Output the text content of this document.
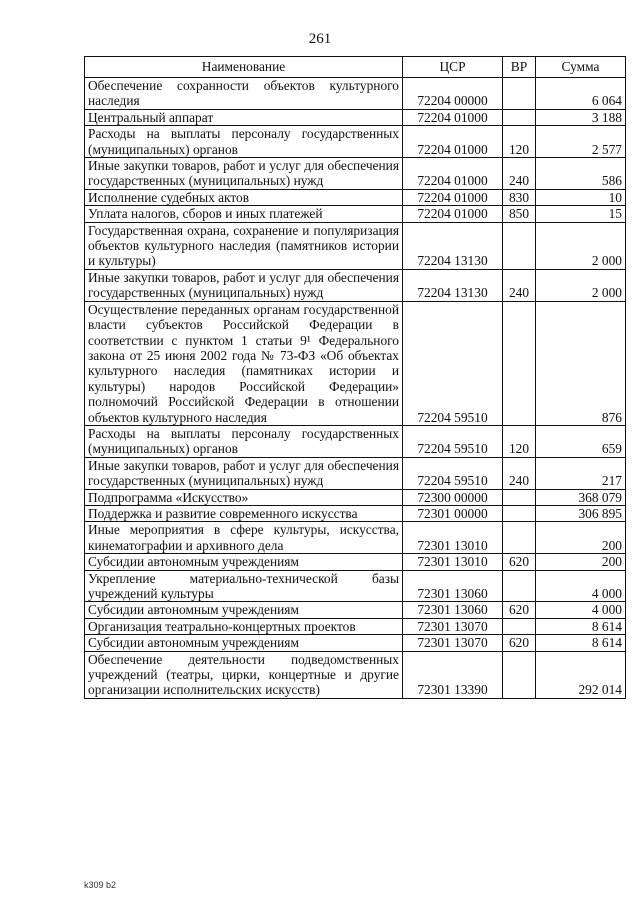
261
Наименование	ЦСР	ВР	Сумма
Обеспечение сохранности объектов культурного наследия	72204 00000		6 064
Центральный аппарат	72204 01000		3 188
Расходы на выплаты персоналу государственных (муниципальных) органов	72204 01000	120	2 577
Иные закупки товаров, работ и услуг для обеспечения государственных (муниципальных) нужд	72204 01000	240	586
Исполнение судебных актов	72204 01000	830	10
Уплата налогов, сборов и иных платежей	72204 01000	850	15
Государственная охрана, сохранение и популяризация объектов культурного наследия (памятников истории и культуры)	72204 13130		2 000
Иные закупки товаров, работ и услуг для обеспечения государственных (муниципальных) нужд	72204 13130	240	2 000
Осуществление переданных органам государственной власти субъектов Российской Федерации в соответствии с пунктом 1 статьи 9¹ Федерального закона от 25 июня 2002 года № 73-ФЗ «Об объектах культурного наследия (памятниках истории и культуры) народов Российской Федерации» полномочий Российской Федерации в отношении объектов культурного наследия	72204 59510		876
Расходы на выплаты персоналу государственных (муниципальных) органов	72204 59510	120	659
Иные закупки товаров, работ и услуг для обеспечения государственных (муниципальных) нужд	72204 59510	240	217
Подпрограмма «Искусство»	72300 00000		368 079
Поддержка и развитие современного искусства	72301 00000		306 895
Иные мероприятия в сфере культуры, искусства, кинематографии и архивного дела	72301 13010		200
Субсидии автономным учреждениям	72301 13010	620	200
Укрепление материально-технической базы учреждений культуры	72301 13060		4 000
Субсидии автономным учреждениям	72301 13060	620	4 000
Организация театрально-концертных проектов	72301 13070		8 614
Субсидии автономным учреждениям	72301 13070	620	8 614
Обеспечение деятельности подведомственных учреждений (театры, цирки, концертные и другие организации исполнительских искусств)	72301 13390		292 014
k309 b2
